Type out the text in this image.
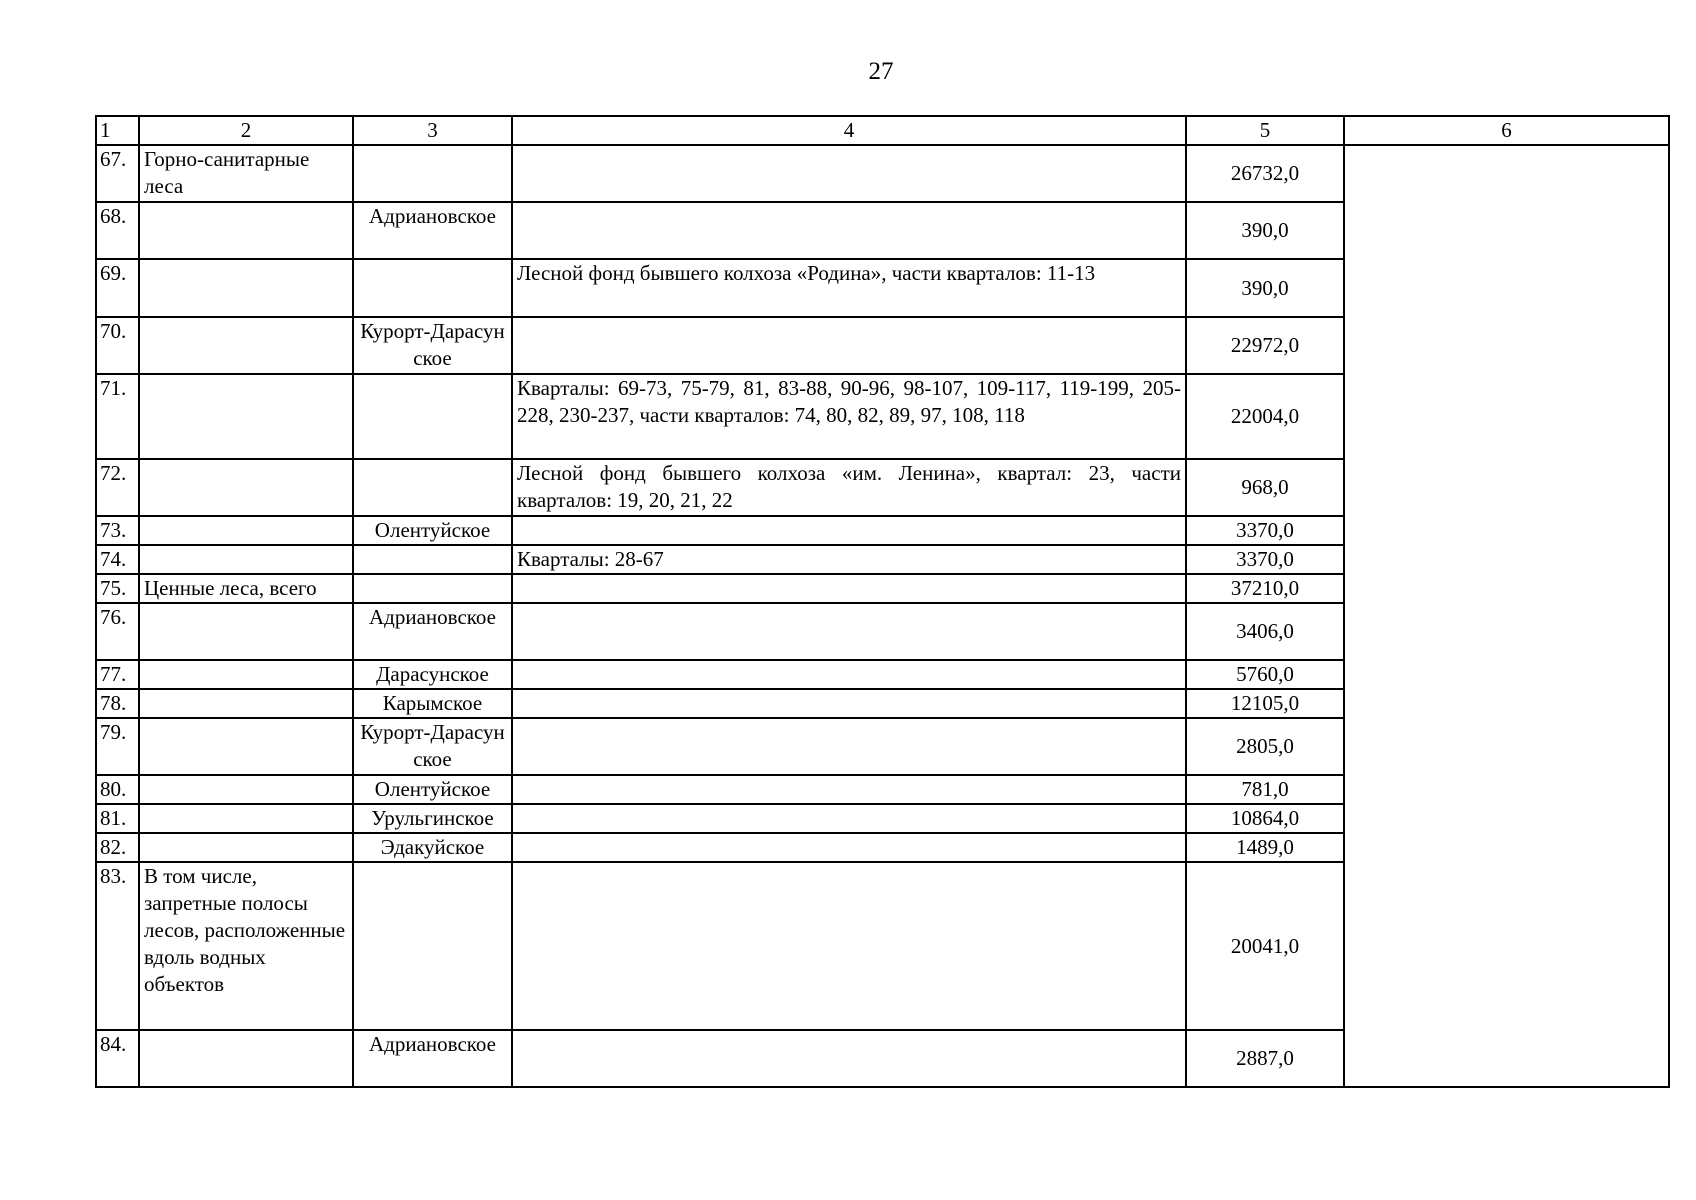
27
1	2	3	4	5	6
67.	Горно-санитарные леса			26732,0	
68.		Адриановское		390,0	
69.			Лесной фонд бывшего колхоза «Родина», части кварталов: 11-13	390,0	
70.		Курорт-Дарасунское		22972,0	
71.			Кварталы: 69-73, 75-79, 81, 83-88, 90-96, 98-107, 109-117, 119-199, 205-228, 230-237, части кварталов: 74, 80, 82, 89, 97, 108, 118	22004,0	
72.			Лесной фонд бывшего колхоза «им. Ленина», квартал: 23, части кварталов: 19, 20, 21, 22	968,0	
73.		Олентуйское		3370,0	
74.			Кварталы: 28-67	3370,0	
75.	Ценные леса, всего			37210,0	
76.		Адриановское		3406,0	
77.		Дарасунское		5760,0	
78.		Карымское		12105,0	
79.		Курорт-Дарасунское		2805,0	
80.		Олентуйское		781,0	
81.		Урульгинское		10864,0	
82.		Эдакуйское		1489,0	
83.	В том числе, запретные полосы лесов, расположенные вдоль водных объектов			20041,0	
84.		Адриановское		2887,0	
